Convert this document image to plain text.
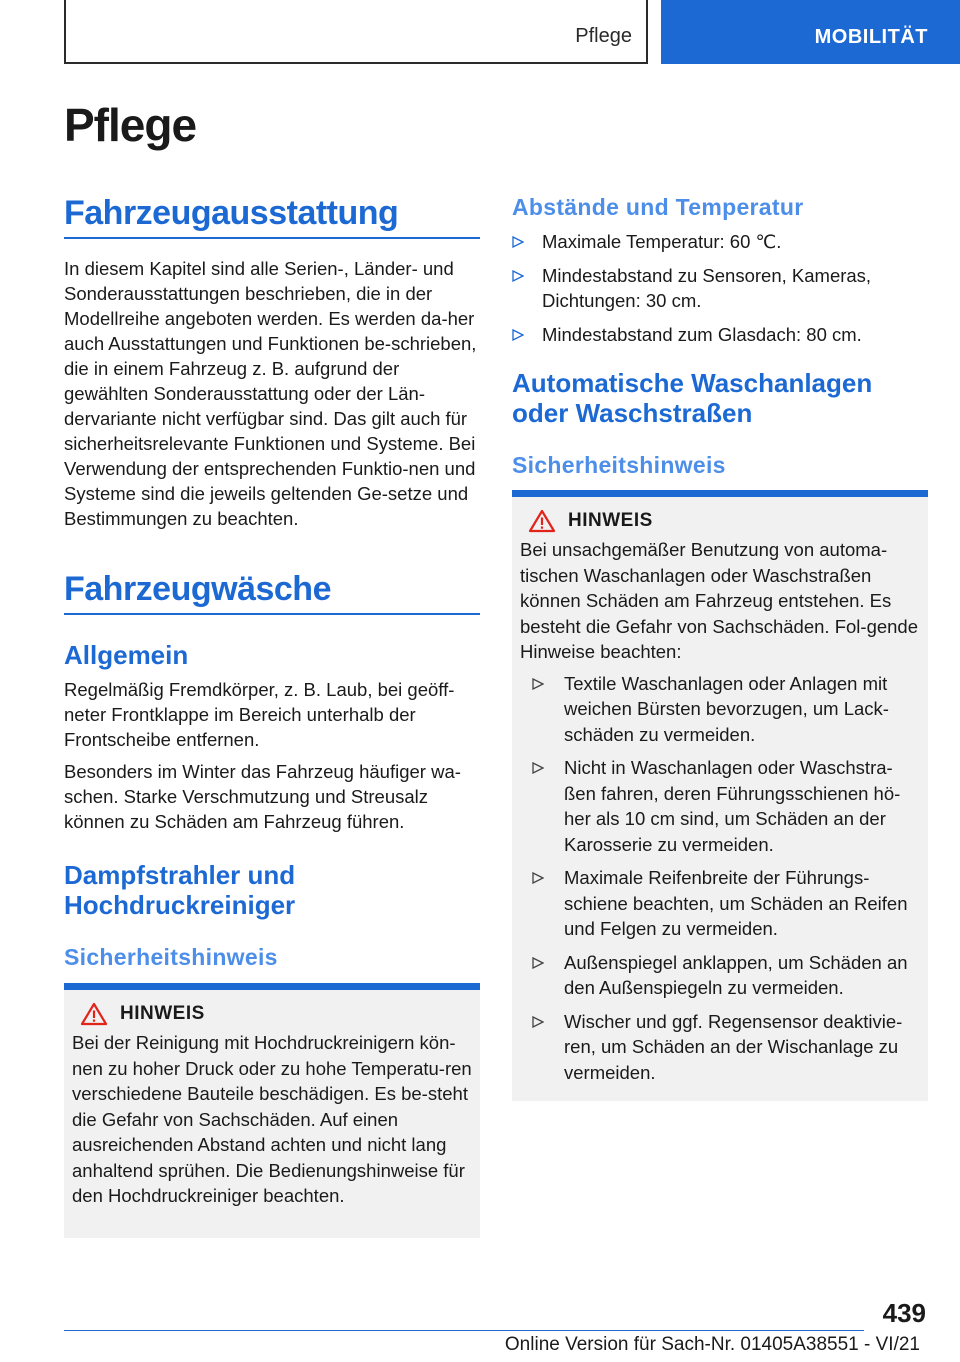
Pflege	MOBILITÄT
Pflege
Fahrzeugausstattung

In diesem Kapitel sind alle Serien-, Länder- und Sonderausstattungen beschrieben, die in der Modellreihe angeboten werden. Es werden da-her auch Ausstattungen und Funktionen be-schrieben, die in einem Fahrzeug z. B. aufgrund der gewählten Sonderausstattung oder der Län-dervariante nicht verfügbar sind. Das gilt auch für sicherheitsrelevante Funktionen und Systeme. Bei Verwendung der entsprechenden Funktio-nen und Systeme sind die jeweils geltenden Ge-setze und Bestimmungen zu beachten.

Fahrzeugwäsche
Allgemein

Regelmäßig Fremdkörper, z. B. Laub, bei geöff-neter Frontklappe im Bereich unterhalb der Frontscheibe entfernen.

Besonders im Winter das Fahrzeug häufiger wa-schen. Starke Verschmutzung und Streusalz können zu Schäden am Fahrzeug führen.

Dampfstrahler und Hochdruckreiniger
Sicherheitshinweis
HINWEIS

Bei der Reinigung mit Hochdruckreinigern kön-nen zu hoher Druck oder zu hohe Temperatu-ren verschiedene Bauteile beschädigen. Es be-steht die Gefahr von Sachschäden. Auf einen ausreichenden Abstand achten und nicht lang anhaltend sprühen. Die Bedienungshinweise für den Hochdruckreiniger beachten.

Abstände und Temperatur
Maximale Temperatur: 60 ℃.
Mindestabstand zu Sensoren, Kameras, Dichtungen: 30 cm.
Mindestabstand zum Glasdach: 80 cm.
Automatische Waschanlagen oder Waschstraßen
Sicherheitshinweis
HINWEIS

Bei unsachgemäßer Benutzung von automa-tischen Waschanlagen oder Waschstraßen können Schäden am Fahrzeug entstehen. Es besteht die Gefahr von Sachschäden. Fol-gende Hinweise beachten:

Textile Waschanlagen oder Anlagen mit weichen Bürsten bevorzugen, um Lack-schäden zu vermeiden.
Nicht in Waschanlagen oder Waschstra-ßen fahren, deren Führungsschienen hö-her als 10 cm sind, um Schäden an der Karosserie zu vermeiden.
Maximale Reifenbreite der Führungs-schiene beachten, um Schäden an Reifen und Felgen zu vermeiden.
Außenspiegel anklappen, um Schäden an den Außenspiegeln zu vermeiden.
Wischer und ggf. Regensensor deaktivie-ren, um Schäden an der Wischanlage zu vermeiden.
439
Online Version für Sach-Nr. 01405A38551 - VI/21
